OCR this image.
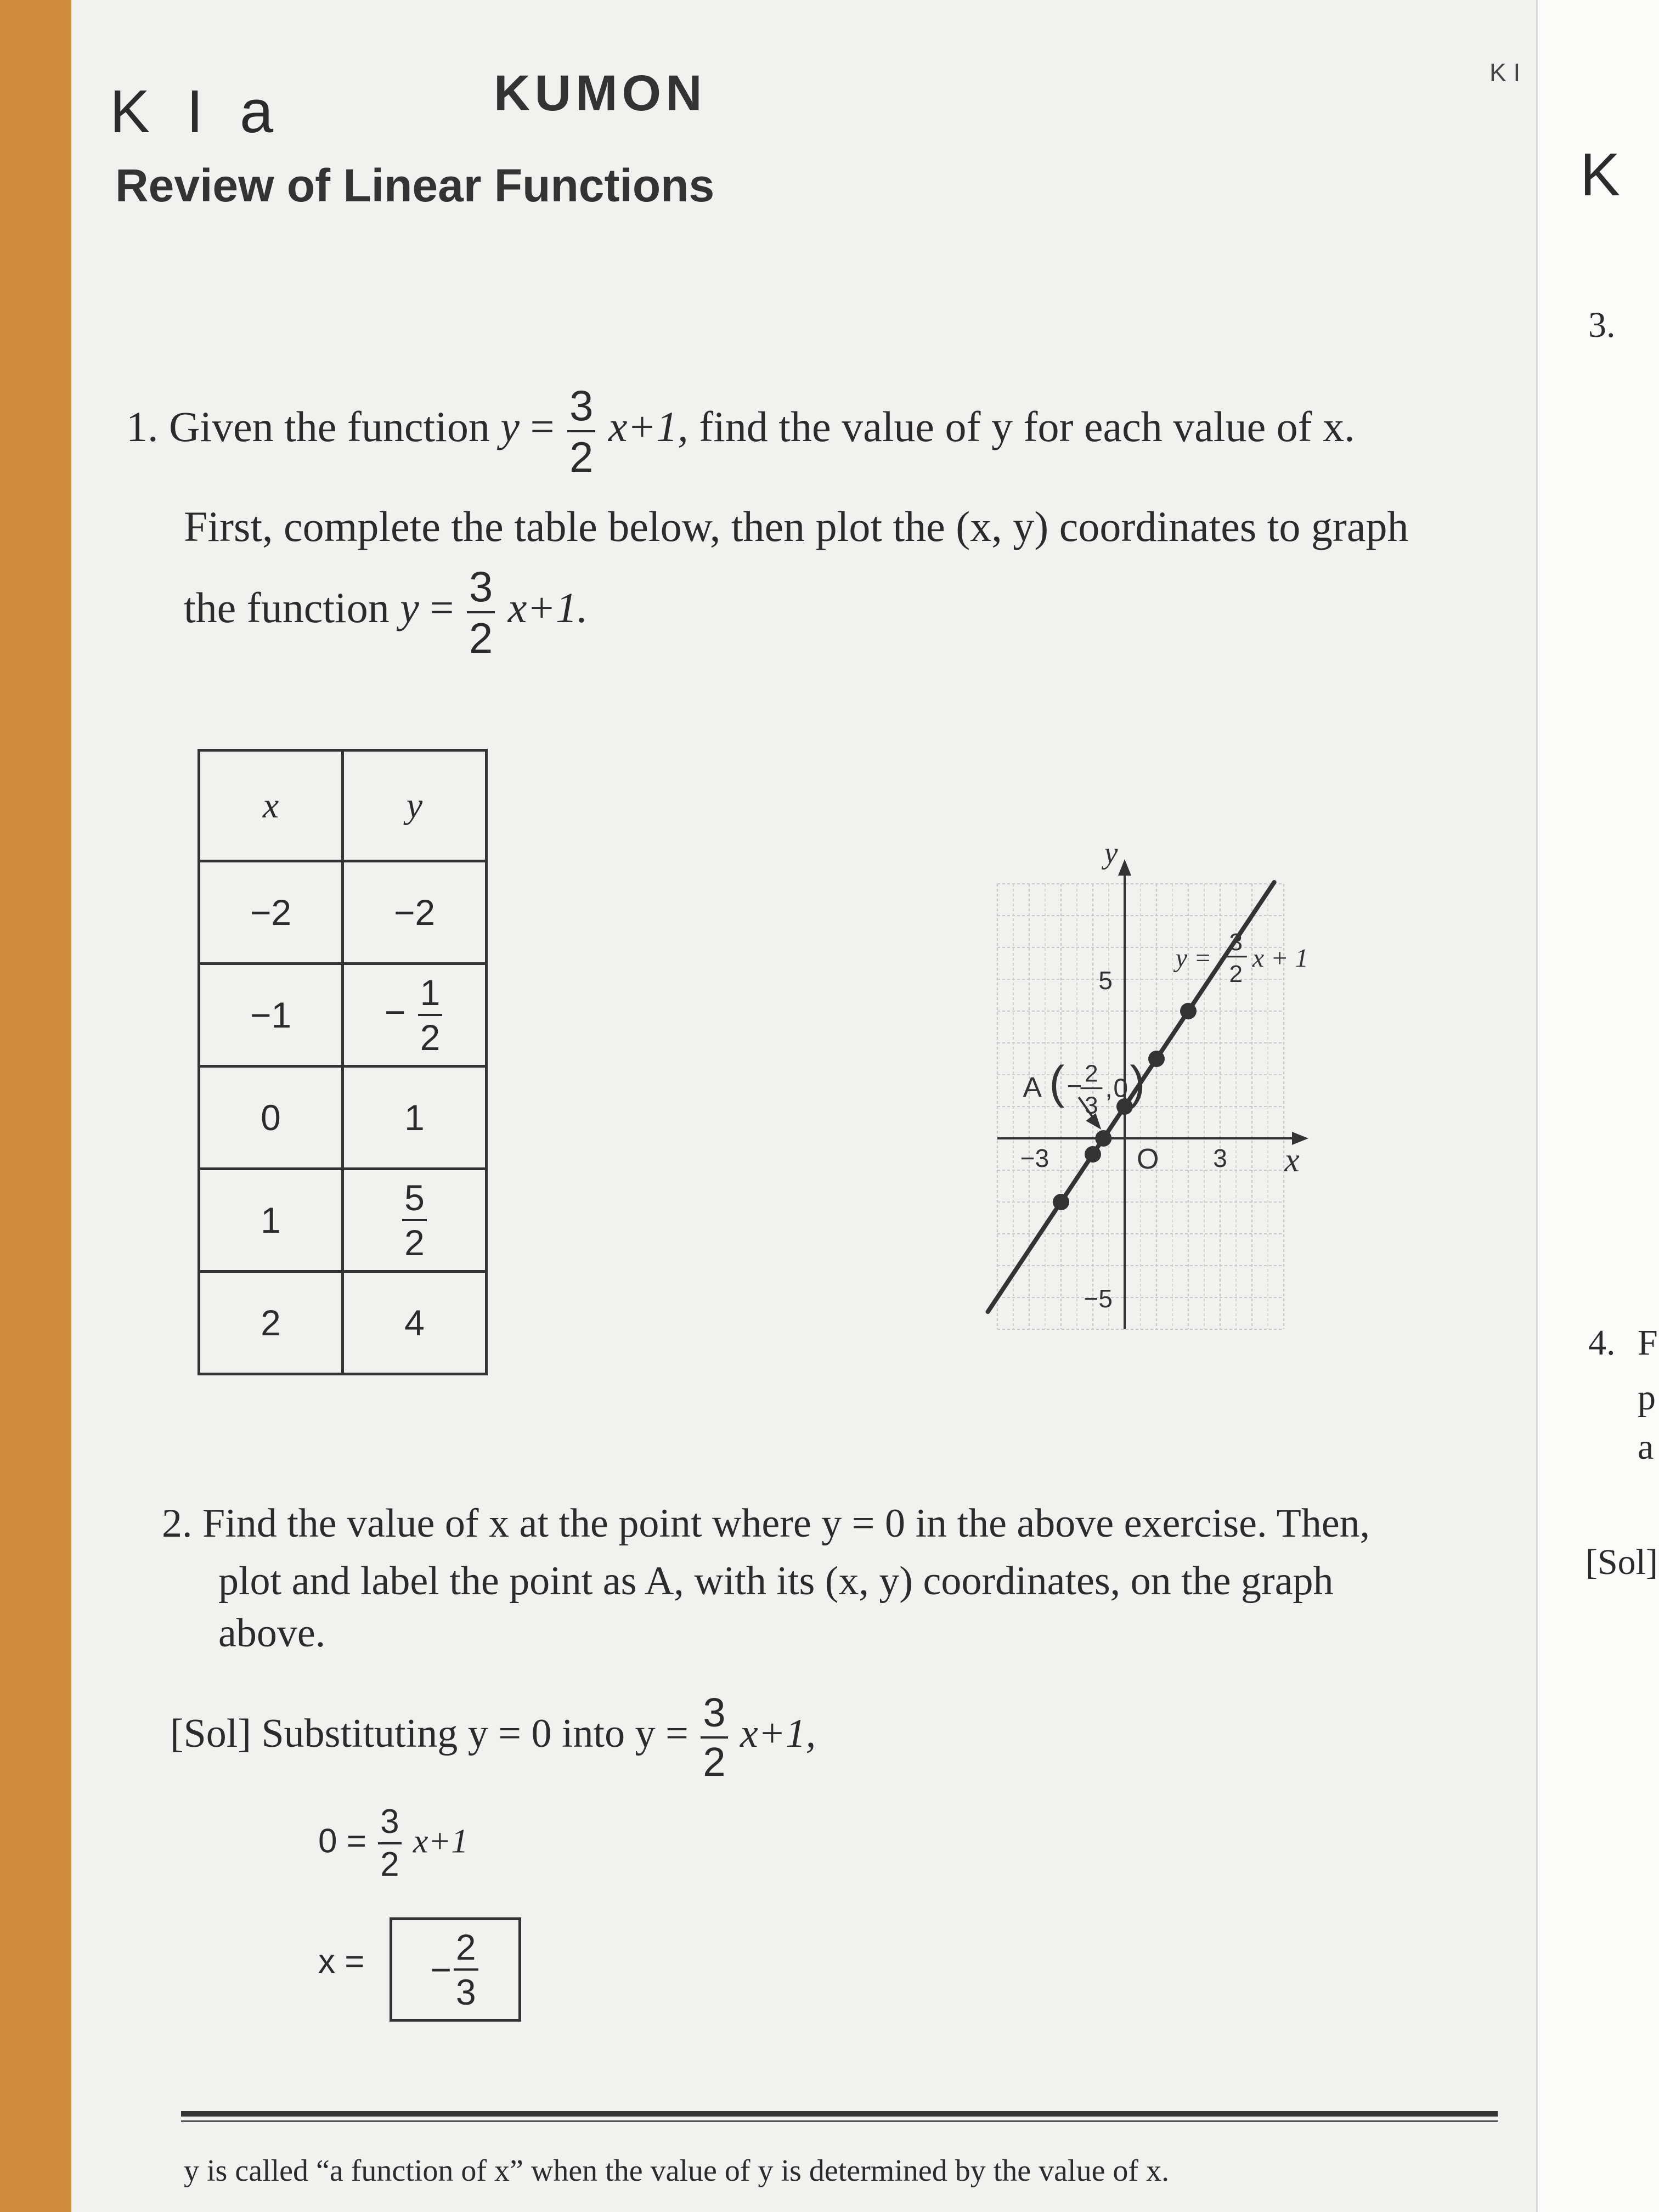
K I a	KUMON
Review of Linear Functions
K I
1. Given the function $y = \frac{3}{2} x+1$, find the value of y for each value of x.
First, complete the table below, then plot the (x, y) coordinates to graph
the function $y = \frac{3}{2} x+1$.
x	y
−2	−2
−1	− $\frac{1}{2}$

0	1
1	$\frac{5}{2}$

2	4
3
−3
5
−5
O	x
y
y =
3
2
x + 1
A ( − 2
3
, 0 )
2. Find the value of x at the point where y = 0 in the above exercise. Then,
plot and label the point as A, with its (x, y) coordinates, on the graph
above.
[Sol] Substituting y = 0 into $y = \frac{3}{2} x+1$,
$0 = \frac{3}{2} x+1$
x = − $\frac{2}{3}$
y is called “a function of x” when the value of y is determined by the value of x.
K
3.
4. F
p
a
[Sol]
